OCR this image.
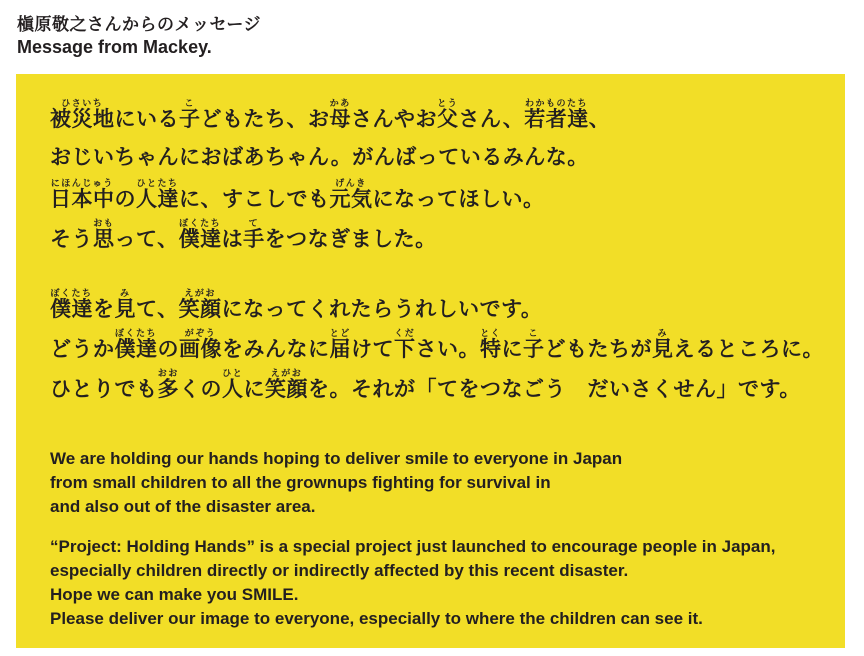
槇原敬之さんからのメッセージ
Message from Mackey.
被災地ひさいちにいる子こどもたち、お母かあさんやお父とうさん、若者達わかものたち、
おじいちゃんにおばあちゃん。がんばっているみんな。
日本中にほんじゅうの人達ひとたちに、すこしでも元気げんきになってほしい。
そう思おもって、僕達ぼくたちは手てをつなぎました。
僕達ぼくたちを見みて、笑顔えがおになってくれたらうれしいです。
どうか僕達ぼくたちの画像がぞうをみんなに届とどけて下ください。特とくに子こどもたちが見みえるところに。
ひとりでも多おおくの人ひとに笑顔えがおを。それが「てをつなごう　だいさくせん」です。
We are holding our hands hoping to deliver smile to everyone in Japan
from small children to all the grownups fighting for survival in
and also out of the disaster area.
“Project: Holding Hands” is a special project just launched to encourage people in Japan,
especially children directly or indirectly affected by this recent disaster.
Hope we can make you SMILE.
Please deliver our image to everyone, especially to where the children can see it.
